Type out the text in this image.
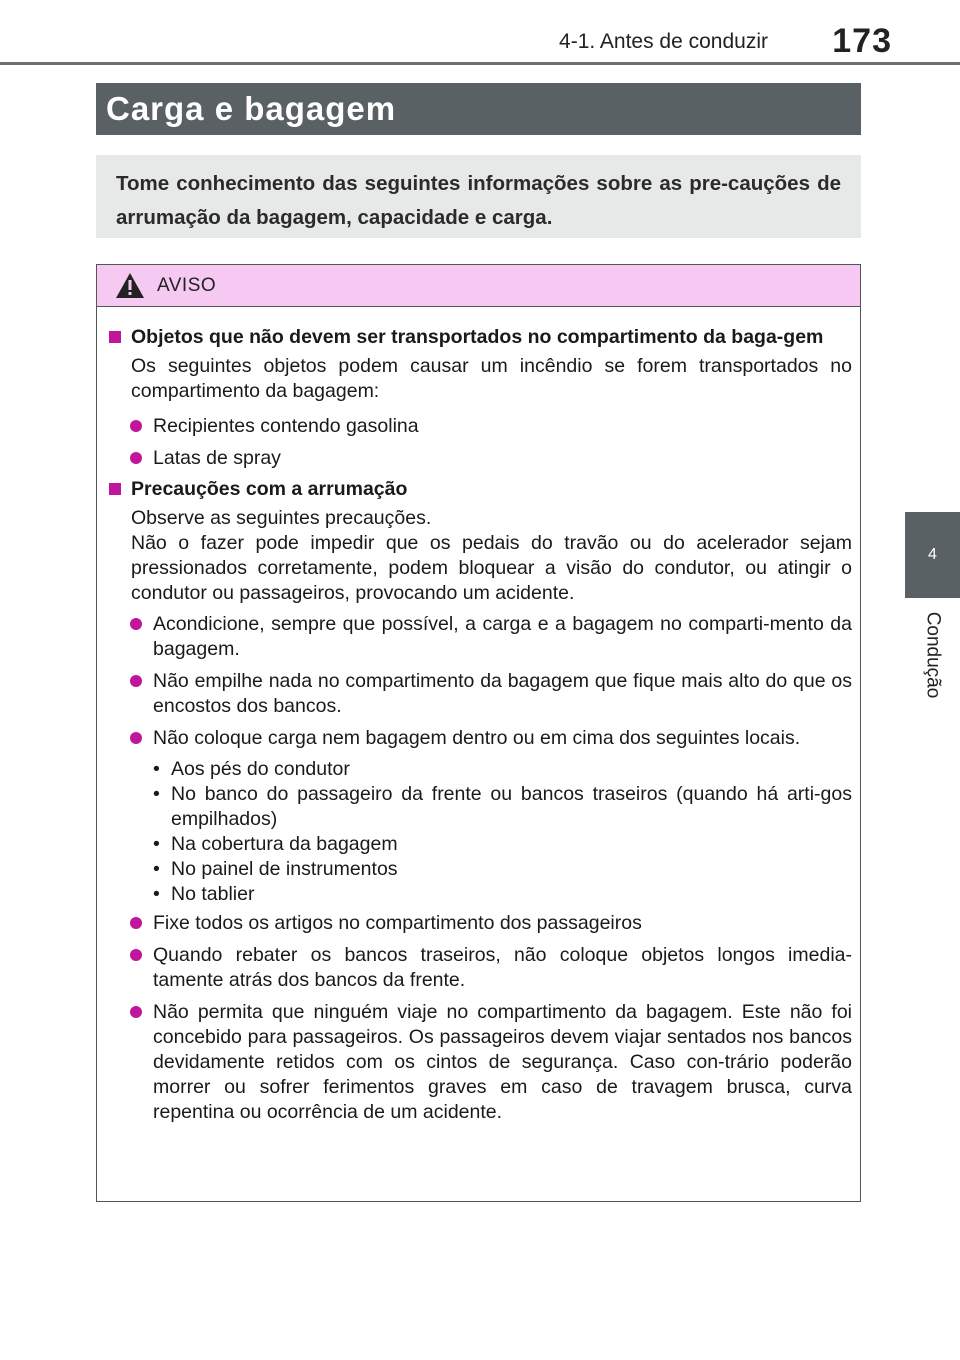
4-1. Antes de conduzir	173
4
Condução
Carga e bagagem
Tome conhecimento das seguintes informações sobre as pre-cauções de arrumação da bagagem, capacidade e carga.
AVISO
Objetos que não devem ser transportados no compartimento da baga-gem
Os seguintes objetos podem causar um incêndio se forem transportados no compartimento da bagagem:
Recipientes contendo gasolina
Latas de spray
Precauções com a arrumação

Observe as seguintes precauções.

Não o fazer pode impedir que os pedais do travão ou do acelerador sejam pressionados corretamente, podem bloquear a visão do condutor, ou atingir o condutor ou passageiros, provocando um acidente.

Acondicione, sempre que possível, a carga e a bagagem no comparti-mento da bagagem.
Não empilhe nada no compartimento da bagagem que fique mais alto do que os encostos dos bancos.
Não coloque carga nem bagagem dentro ou em cima dos seguintes locais.
• Aos pés do condutor
• No banco do passageiro da frente ou bancos traseiros (quando há arti-gos empilhados)
• Na cobertura da bagagem
• No painel de instrumentos
• No tablier
Fixe todos os artigos no compartimento dos passageiros
Quando rebater os bancos traseiros, não coloque objetos longos imedia-tamente atrás dos bancos da frente.
Não permita que ninguém viaje no compartimento da bagagem. Este não foi concebido para passageiros. Os passageiros devem viajar sentados nos bancos devidamente retidos com os cintos de segurança. Caso con-trário poderão morrer ou sofrer ferimentos graves em caso de travagem brusca, curva repentina ou ocorrência de um acidente.
